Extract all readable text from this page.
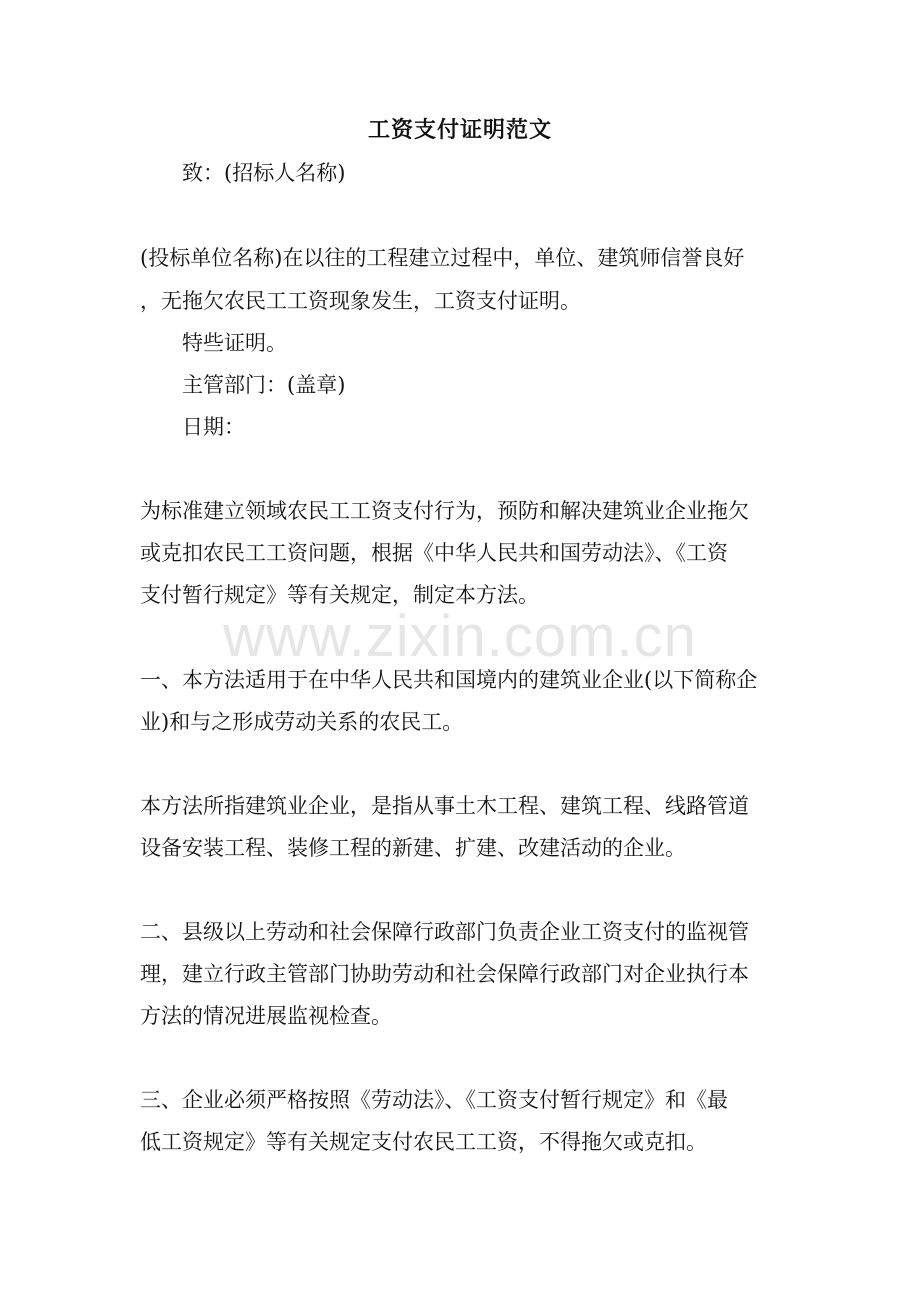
工资支付证明范文
致：(招标人名称)
(投标单位名称)在以往的工程建立过程中，单位、建筑师信誉良好
，无拖欠农民工工资现象发生，工资支付证明。
特些证明。
主管部门：(盖章)
日期：
为标准建立领域农民工工资支付行为，预防和解决建筑业企业拖欠
或克扣农民工工资问题，根据《中华人民共和国劳动法》、《工资
支付暂行规定》等有关规定，制定本方法。
www.zixin.com.cn
一、本方法适用于在中华人民共和国境内的建筑业企业(以下简称企
业)和与之形成劳动关系的农民工。
本方法所指建筑业企业，是指从事土木工程、建筑工程、线路管道
设备安装工程、装修工程的新建、扩建、改建活动的企业。
二、县级以上劳动和社会保障行政部门负责企业工资支付的监视管
理，建立行政主管部门协助劳动和社会保障行政部门对企业执行本
方法的情况进展监视检查。
三、企业必须严格按照《劳动法》、《工资支付暂行规定》和《最
低工资规定》等有关规定支付农民工工资，不得拖欠或克扣。
